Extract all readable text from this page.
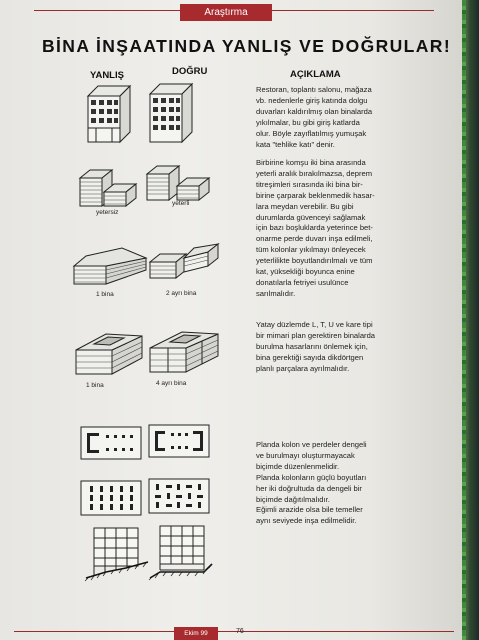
Araştırma
BİNA İNŞAATINDA YANLIŞ VE DOĞRULAR!
YANLIŞ	DOĞRU	AÇIKLAMA
yetersiz
yeterli
1 bina	2 ayrı bina
1 bina	4 ayrı bina
Restoran, toplantı salonu, mağaza
vb. nedenlerle giriş katında dolgu
duvarları kaldırılmış olan binalarda
yıkılmalar, bu gibi giriş katlarda
olur. Böyle zayıflatılmış yumuşak
kata "tehlike katı" denir.
Birbirine komşu iki bina arasında
yeterli aralık bırakılmazsa, deprem
titreşimleri sırasında iki bina bir-
birine çarparak beklenmedik hasar-
lara meydan verebilir. Bu gibi
durumlarda güvenceyi sağlamak
için bazı boşluklarda yeterince bet-
onarme perde duvarı inşa edilmeli,
tüm kolonlar yıkılmayı önleyecek
yeterlilikte boyutlandırılmalı ve tüm
kat, yüksekliği boyunca enine
donatılarla fetriyei usulünce
sarılmalıdır.
Yatay düzlemde L, T, U ve kare tipi
bir mimari plan gerektiren binalarda
burulma hasarlarını önlemek için,
bina gerektiği sayıda dikdörtgen
planlı parçalara ayrılmalıdır.
Planda kolon ve perdeler dengeli
ve burulmayı oluşturmayacak
biçimde düzenlenmelidir.
Planda kolonların güçlü boyutları
her iki doğrultuda da dengeli bir
biçimde dağıtılmalıdır.
Eğimli arazide olsa bile temeller
aynı seviyede inşa edilmelidir.
Ekim 99	76
